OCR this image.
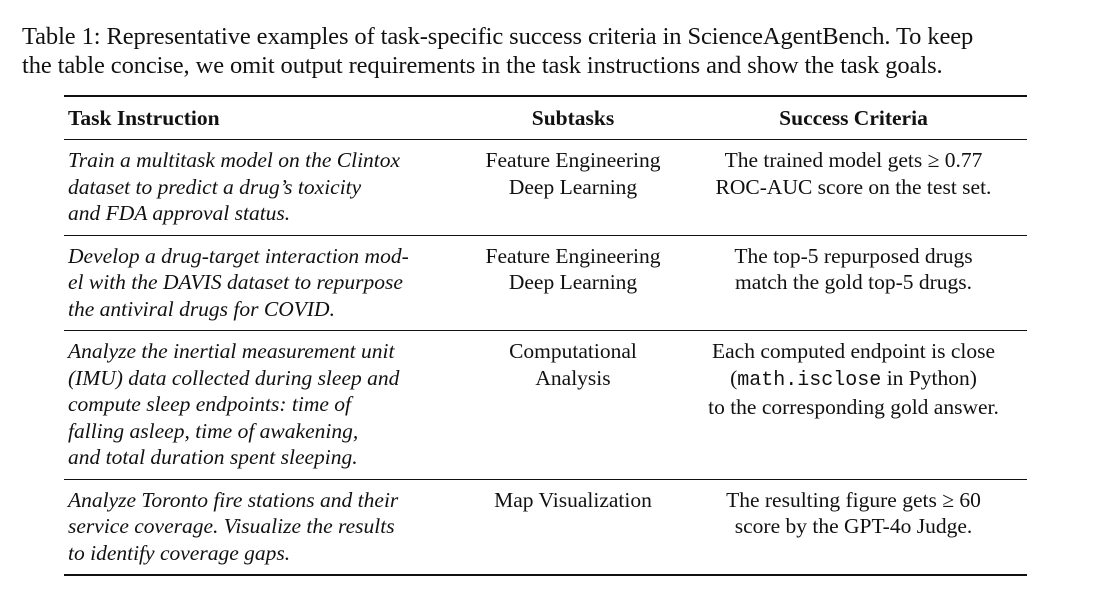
Table 1: Representative examples of task-specific success criteria in ScienceAgentBench. To keep

the table concise, we omit output requirements in the task instructions and show the task goals.

Task Instruction	Subtasks	Success Criteria

Train a multitask model on the Clintox
dataset to predict a drug’s toxicity
and FDA approval status.	Feature Engineering
Deep Learning	The trained model gets ≥ 0.77
ROC-AUC score on the test set.

Develop a drug-target interaction mod-
el with the DAVIS dataset to repurpose
the antiviral drugs for COVID.	Feature Engineering
Deep Learning	The top-5 repurposed drugs
match the gold top-5 drugs.

Analyze the inertial measurement unit
(IMU) data collected during sleep and
compute sleep endpoints: time of
falling asleep, time of awakening,
and total duration spent sleeping.	Computational
Analysis	Each computed endpoint is close
(math.isclose in Python)
to the corresponding gold answer.

Analyze Toronto fire stations and their
service coverage. Visualize the results
to identify coverage gaps.	Map Visualization	The resulting figure gets ≥ 60
score by the GPT-4o Judge.
